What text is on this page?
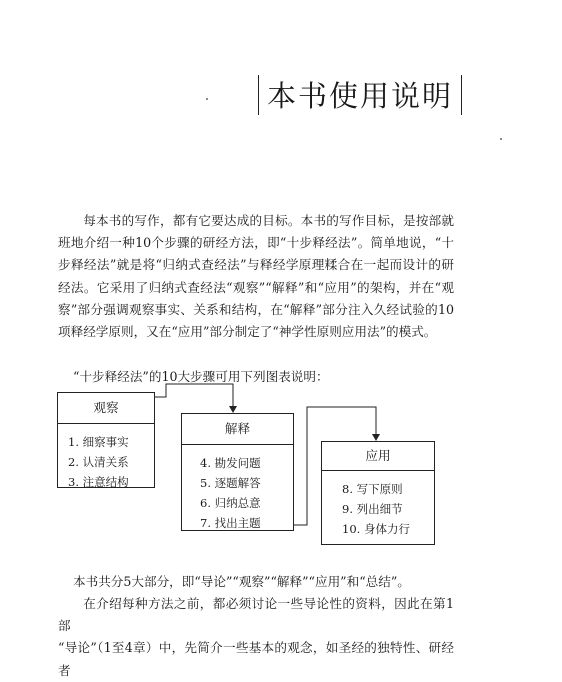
本书使用说明

每本书的写作，都有它要达成的目标。本书的写作目标，是按部就班地介绍一种10个步骤的研经方法，即“十步释经法”。简单地说，“十步释经法”就是将“归纳式查经法”与释经学原理糅合在一起而设计的研经法。它采用了归纳式查经法“观察”“解释”和“应用”的架构，并在“观察”部分强调观察事实、关系和结构，在“解释”部分注入久经试验的10项释经学原则，又在“应用”部分制定了“神学性原则应用法”的模式。

“十步释经法”的10大步骤可用下列图表说明：

观察
1. 细察事实
2. 认清关系
3. 注意结构
解释
4. 勘发问题
5. 逐题解答
6. 归纳总意
7. 找出主题
应用
8. 写下原则
9. 列出细节
10. 身体力行

本书共分5大部分，即“导论”“观察”“解释”“应用”和“总结”。

在介绍每种方法之前，都必须讨论一些导论性的资料，因此在第1部
“导论”（1至4章）中，先简介一些基本的观念，如圣经的独特性、研经者
